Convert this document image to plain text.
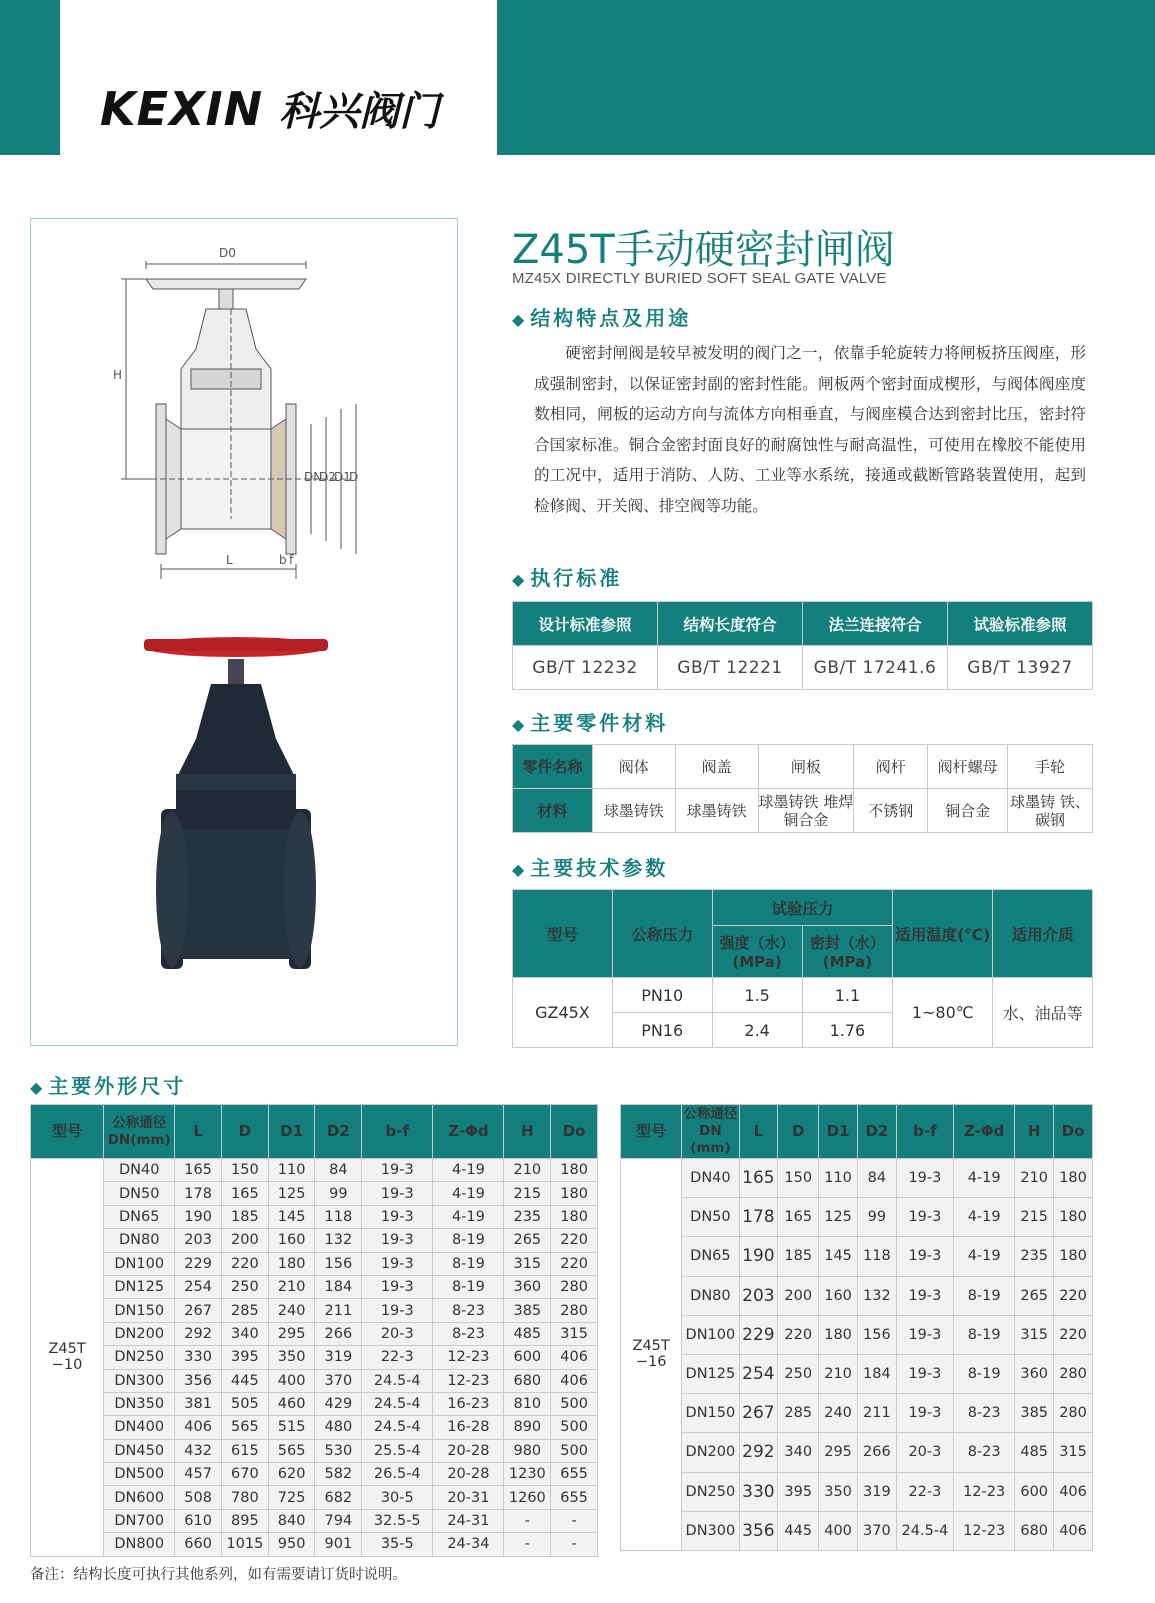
KEXIN 科兴阀门
D0
H
DN
D2
D1
D
L	b f
Z45T手动硬密封闸阀
MZ45X DIRECTLY BURIED SOFT SEAL GATE VALVE
◆ 结构特点及用途

硬密封闸阀是较早被发明的阀门之一，依靠手轮旋转力将闸板挤压阀座，形成强制密封，以保证密封副的密封性能。闸板两个密封面成楔形，与阀体阀座度数相同，闸板的运动方向与流体方向相垂直，与阀座模合达到密封比压，密封符合国家标准。铜合金密封面良好的耐腐蚀性与耐高温性，可使用在橡胶不能使用的工况中，适用于消防、人防、工业等水系统，接通或截断管路装置使用，起到检修阀、开关阀、排空阀等功能。

◆ 执行标准
设计标准参照	结构长度符合	法兰连接符合	试验标准参照
GB/T 12232	GB/T 12221	GB/T 17241.6	GB/T 13927
◆ 主要零件材料
零件名称	阀体	阀盖	闸板	阀杆	阀杆螺母	手轮
材料	球墨铸铁	球墨铸铁	球墨铸铁 堆焊铜合金	不锈钢	铜合金	球墨铸 铁、碳钢
◆ 主要技术参数
型号	公称压力	试验压力		适用温度(℃)	适用介质
		强度（水）(MPa)	密封（水）(MPa)		
GZ45X	PN10	1.5	1.1	1~80℃	水、油品等
	PN16	2.4	1.76		
◆ 主要外形尺寸
型号	公称通径DN(mm)	L	D	D1	D2	b-f	Z-Φd	H	Do
Z45T −10	DN40	165	150	110	84	19-3	4-19	210	180
	DN50	178	165	125	99	19-3	4-19	215	180
	DN65	190	185	145	118	19-3	4-19	235	180
	DN80	203	200	160	132	19-3	8-19	265	220
	DN100	229	220	180	156	19-3	8-19	315	220
	DN125	254	250	210	184	19-3	8-19	360	280
	DN150	267	285	240	211	19-3	8-23	385	280
	DN200	292	340	295	266	20-3	8-23	485	315
	DN250	330	395	350	319	22-3	12-23	600	406
	DN300	356	445	400	370	24.5-4	12-23	680	406
	DN350	381	505	460	429	24.5-4	16-23	810	500
	DN400	406	565	515	480	24.5-4	16-28	890	500
	DN450	432	615	565	530	25.5-4	20-28	980	500
	DN500	457	670	620	582	26.5-4	20-28	1230	655
	DN600	508	780	725	682	30-5	20-31	1260	655
	DN700	610	895	840	794	32.5-5	24-31	-	-
	DN800	660	1015	950	901	35-5	24-34	-	-
型号	公称通径DN (mm)	L	D	D1	D2	b-f	Z-Φd	H	Do
Z45T −16	DN40	165	150	110	84	19-3	4-19	210	180
	DN50	178	165	125	99	19-3	4-19	215	180
	DN65	190	185	145	118	19-3	4-19	235	180
	DN80	203	200	160	132	19-3	8-19	265	220
	DN100	229	220	180	156	19-3	8-19	315	220
	DN125	254	250	210	184	19-3	8-19	360	280
	DN150	267	285	240	211	19-3	8-23	385	280
	DN200	292	340	295	266	20-3	8-23	485	315
	DN250	330	395	350	319	22-3	12-23	600	406
	DN300	356	445	400	370	24.5-4	12-23	680	406
备注：结构长度可执行其他系列，如有需要请订货时说明。
